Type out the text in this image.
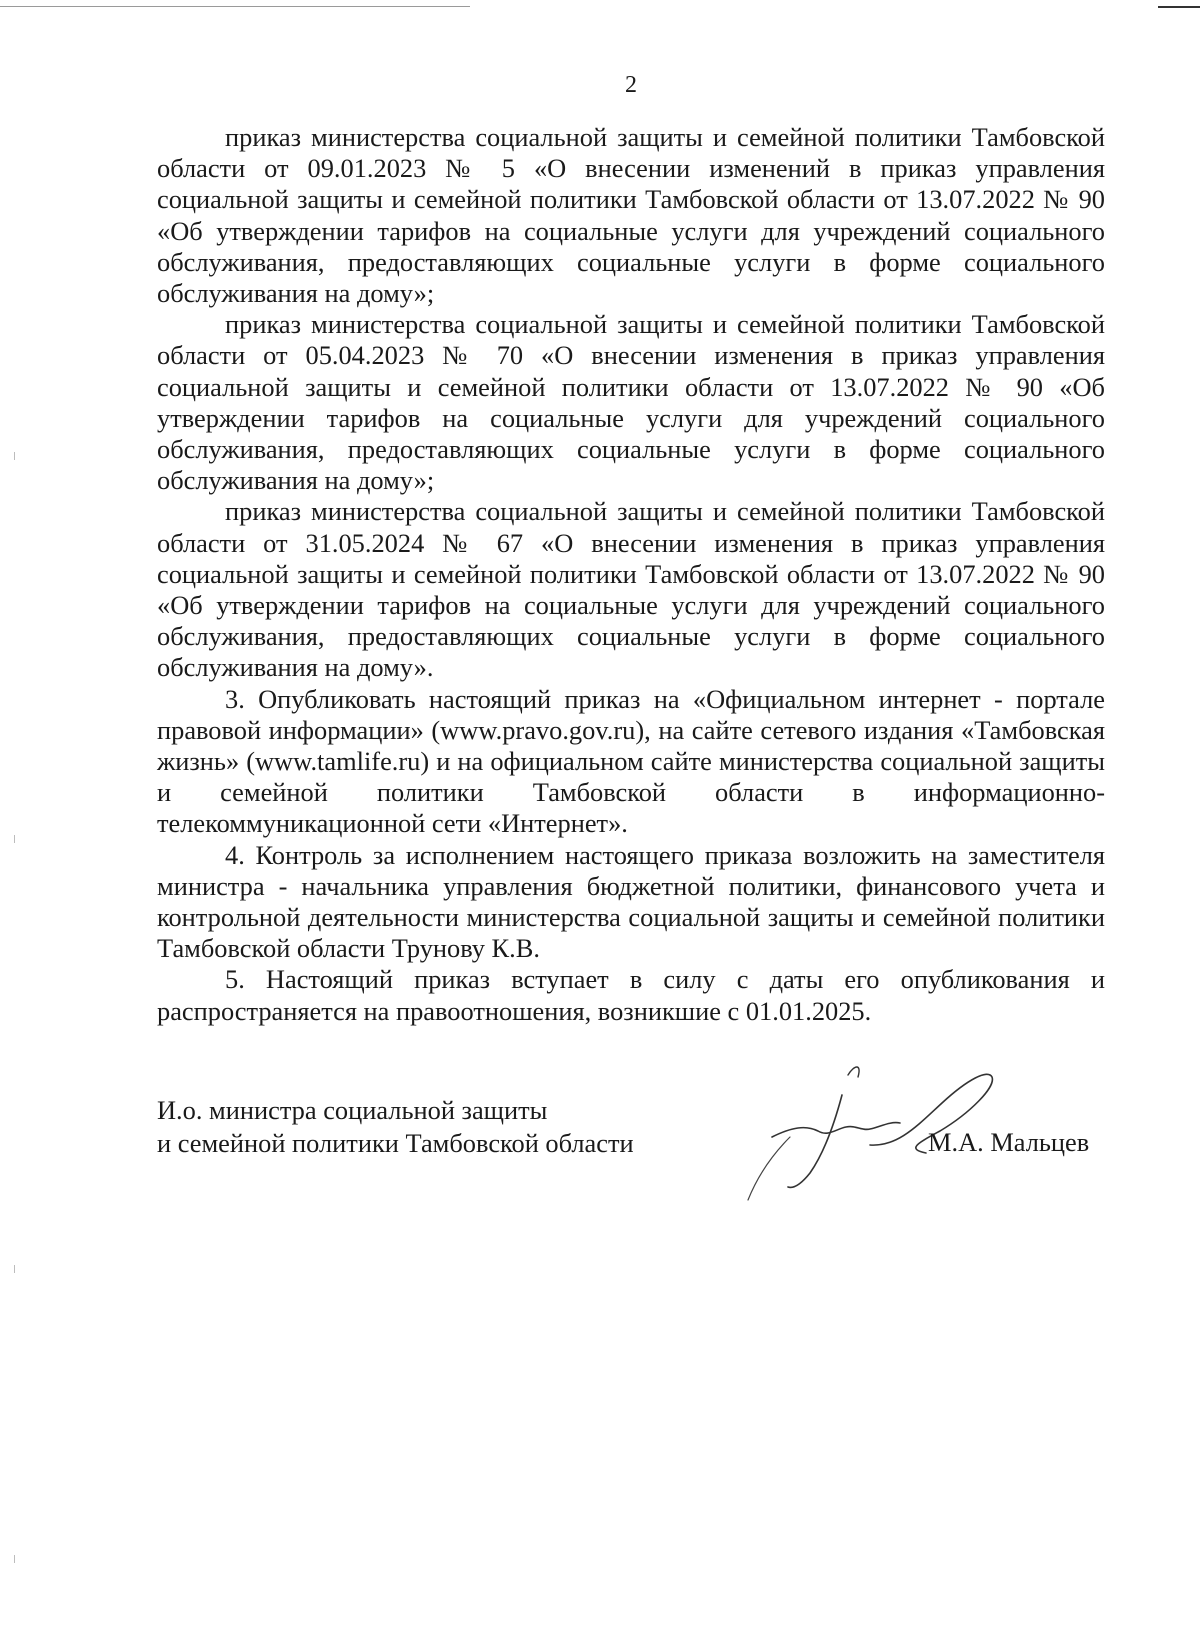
2

приказ министерства социальной защиты и семейной политики Тамбовской области от 09.01.2023 № 5 «О внесении изменений в приказ управления социальной защиты и семейной политики Тамбовской области от 13.07.2022 № 90 «Об утверждении тарифов на социальные услуги для учреждений социального обслуживания, предоставляющих социальные услуги в форме социального обслуживания на дому»;

приказ министерства социальной защиты и семейной политики Тамбовской области от 05.04.2023 № 70 «О внесении изменения в приказ управления социальной защиты и семейной политики области от 13.07.2022 № 90 «Об утверждении тарифов на социальные услуги для учреждений социального обслуживания, предоставляющих социальные услуги в форме социального обслуживания на дому»;

приказ министерства социальной защиты и семейной политики Тамбовской области от 31.05.2024 № 67 «О внесении изменения в приказ управления социальной защиты и семейной политики Тамбовской области от 13.07.2022 № 90 «Об утверждении тарифов на социальные услуги для учреждений социального обслуживания, предоставляющих социальные услуги в форме социального обслуживания на дому».

3. Опубликовать настоящий приказ на «Официальном интернет - портале правовой информации» (www.pravo.gov.ru), на сайте сетевого издания «Тамбовская жизнь» (www.tamlife.ru) и на официальном сайте министерства социальной защиты и семейной политики Тамбовской области в информационно-телекоммуникационной сети «Интернет».

4. Контроль за исполнением настоящего приказа возложить на заместителя министра - начальника управления бюджетной политики, финансового учета и контрольной деятельности министерства социальной защиты и семейной политики Тамбовской области Трунову К.В.

5. Настоящий приказ вступает в силу с даты его опубликования и распространяется на правоотношения, возникшие с 01.01.2025.

И.о. министра социальной защиты
и семейной политики Тамбовской области	М.А. Мальцев
